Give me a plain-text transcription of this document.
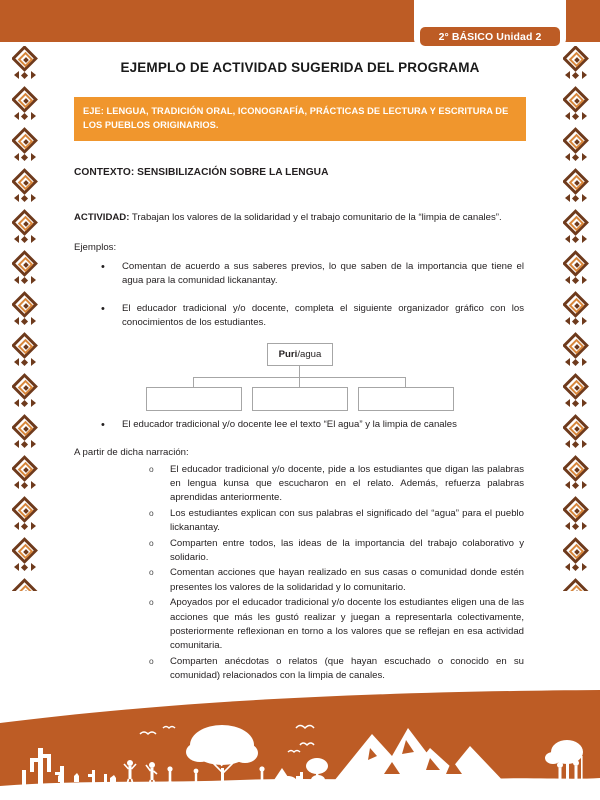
2° BÁSICO Unidad 2
EJEMPLO DE ACTIVIDAD SUGERIDA DEL PROGRAMA
EJE: LENGUA, TRADICIÓN ORAL, ICONOGRAFÍA, PRÁCTICAS DE LECTURA Y ESCRITURA DE LOS PUEBLOS ORIGINARIOS.
CONTEXTO: SENSIBILIZACIÓN SOBRE LA LENGUA
ACTIVIDAD: Trabajan los valores de la solidaridad y el trabajo comunitario de la “limpia de canales”.
Ejemplos:
• Comentan de acuerdo a sus saberes previos, lo que saben de la importancia que tiene el agua para la comunidad lickanantay.
• El educador tradicional y/o docente, completa el siguiente organizador gráfico con los conocimientos de los estudiantes.
Puri /agua
• El educador tradicional y/o docente lee el texto “El agua” y la limpia de canales
A partir de dicha narración:
o El educador tradicional y/o docente, pide a los estudiantes que digan las palabras en lengua kunsa que escucharon en el relato. Además, refuerza palabras aprendidas anteriormente.
o Los estudiantes explican con sus palabras el significado del “agua” para el pueblo lickanantay.
o Comparten entre todos, las ideas de la importancia del trabajo colaborativo y solidario.
o Comentan acciones que hayan realizado en sus casas o comunidad donde estén presentes los valores de la solidaridad y lo comunitario.
o Apoyados por el educador tradicional y/o docente los estudiantes eligen una de las acciones que más les gustó realizar y juegan a representarla colectivamente, posteriormente reflexionan en torno a los valores que se reflejan en esa actividad comunitaria.
o Comparten anécdotas o relatos (que hayan escuchado o conocido en su comunidad) relacionados con la limpia de canales.
